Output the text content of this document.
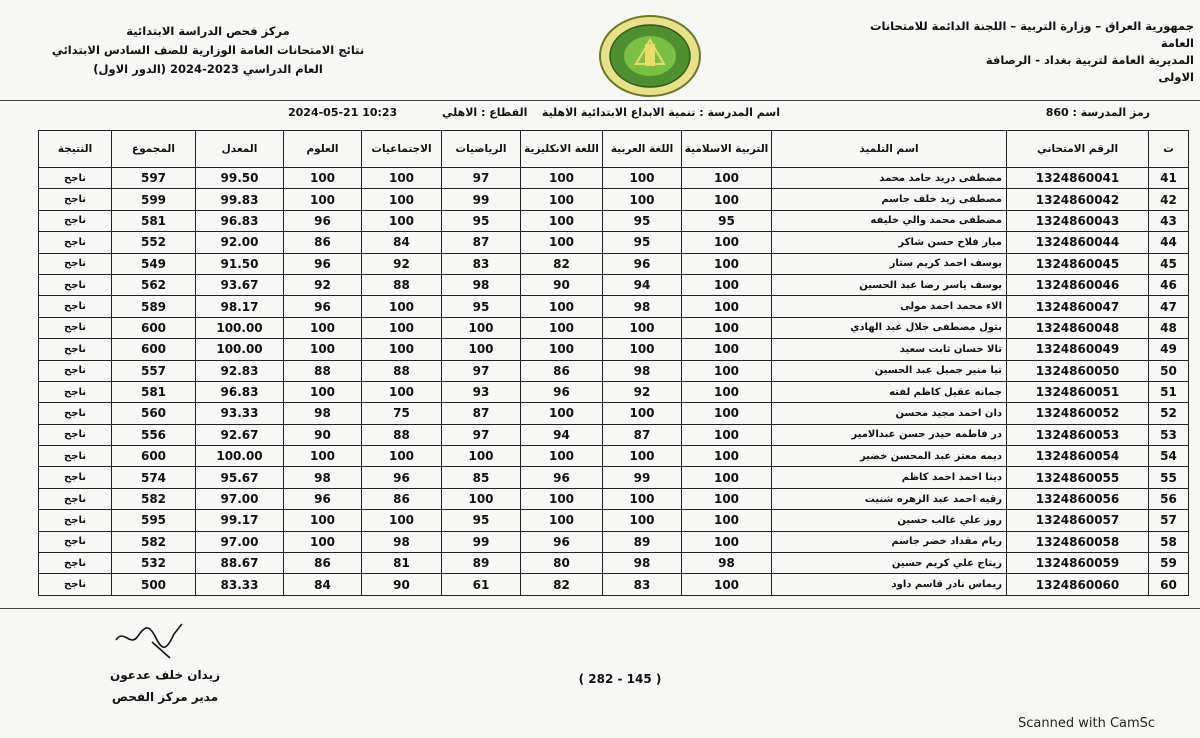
جمهورية العراق – وزارة التربية – اللجنة الدائمة للامتحانات العامة
المديرية العامة لتربية بغداد - الرصافة
الاولى
مركز فحص الدراسة الابتدائية
نتائج الامتحانات العامة الوزارية للصف السادس الابتدائي
العام الدراسي 2023-2024 (الدور الاول)
رمز المدرسة : 860
اسم المدرسة : تنمية الابداع الابتدائية الاهلية
القطاع : الاهلي
2024-05-21 10:23
ت	الرقم الامتحاني	اسم التلميذ	التربية الاسلامية	اللغة العربية	اللغة الانكليزية	الرياضيات	الاجتماعيات	العلوم	المعدل	المجموع	النتيجة
41	1324860041	مصطفى دريد حامد محمد	100	100	100	97	100	100	99.50	597	ناجح
42	1324860042	مصطفى زيد خلف جاسم	100	100	100	99	100	100	99.83	599	ناجح
43	1324860043	مصطفى محمد والي خليفه	95	95	100	95	100	96	96.83	581	ناجح
44	1324860044	ميار فلاح حسن شاكر	100	95	100	87	84	86	92.00	552	ناجح
45	1324860045	يوسف احمد كريم ستار	100	96	82	83	92	96	91.50	549	ناجح
46	1324860046	يوسف ياسر رضا عبد الحسين	100	94	90	98	88	92	93.67	562	ناجح
47	1324860047	الاء محمد احمد مولى	100	98	100	95	100	96	98.17	589	ناجح
48	1324860048	بتول مصطفى جلال عبد الهادي	100	100	100	100	100	100	100.00	600	ناجح
49	1324860049	تالا حسان ثابت سعيد	100	100	100	100	100	100	100.00	600	ناجح
50	1324860050	تيا منير جميل عبد الحسين	100	98	86	97	88	88	92.83	557	ناجح
51	1324860051	جمانه عقيل كاظم لفته	100	92	96	93	100	100	96.83	581	ناجح
52	1324860052	دان احمد مجيد محسن	100	100	100	87	75	98	93.33	560	ناجح
53	1324860053	در فاطمه حيدر حسن عبدالامير	100	87	94	97	88	90	92.67	556	ناجح
54	1324860054	ديمه معتز عبد المحسن خضير	100	100	100	100	100	100	100.00	600	ناجح
55	1324860055	دينا احمد احمد كاظم	100	99	96	85	96	98	95.67	574	ناجح
56	1324860056	رقيه احمد عبد الزهره شنيت	100	100	100	100	86	96	97.00	582	ناجح
57	1324860057	روز علي غالب حسين	100	100	100	95	100	100	99.17	595	ناجح
58	1324860058	ريام مقداد خضر جاسم	100	89	96	99	98	100	97.00	582	ناجح
59	1324860059	ريتاج علي كريم حسين	98	98	80	89	81	86	88.67	532	ناجح
60	1324860060	ريماس نادر قاسم داود	100	83	82	61	90	84	83.33	500	ناجح
زيدان خلف عدعون
مدير مركز الفحص
( 282 - 145 )
Scanned with CamSc
